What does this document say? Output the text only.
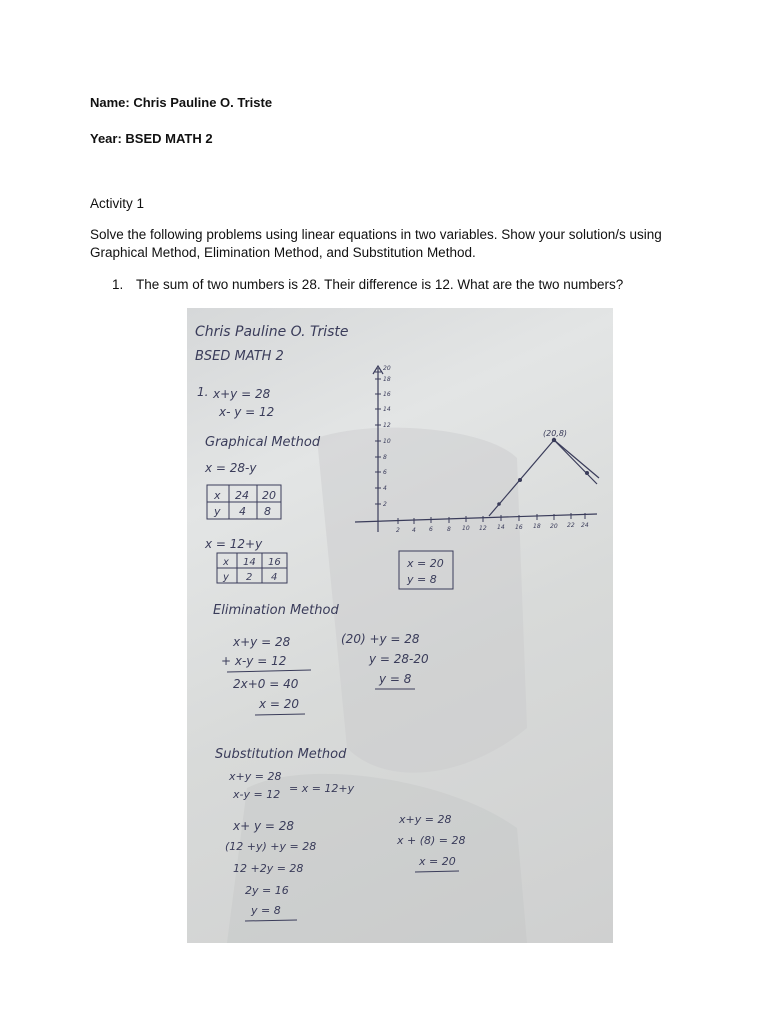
Name: Chris Pauline O. Triste
Year: BSED MATH 2
Activity 1
Solve the following problems using linear equations in two variables. Show your solution/s using Graphical Method, Elimination Method, and Substitution Method.
1. The sum of two numbers is 28. Their difference is 12. What are the two numbers?
Chris Pauline O. Triste
BSED MATH 2
1. x+y = 28
x- y = 12
Graphical Method
x = 28-y
x 24 20
y 4 8
x = 12+y
x 14 16
y 2 4
(20,8)
2
4
6
8
10
12
14
16
18
20
2 4 6 8 10 12 14 16 18 20 22 24
x = 20
y = 8
Elimination Method
x+y = 28
+ x-y = 12
2x+0 = 40
x = 20
(20) +y = 28
y = 28-20
y = 8
Substitution Method
x+y = 28
x-y = 12 = x = 12+y
x+ y = 28
(12 +y) +y = 28
12 +2y = 28
2y = 16
y = 8
x+y = 28
x + (8) = 28
x = 20
